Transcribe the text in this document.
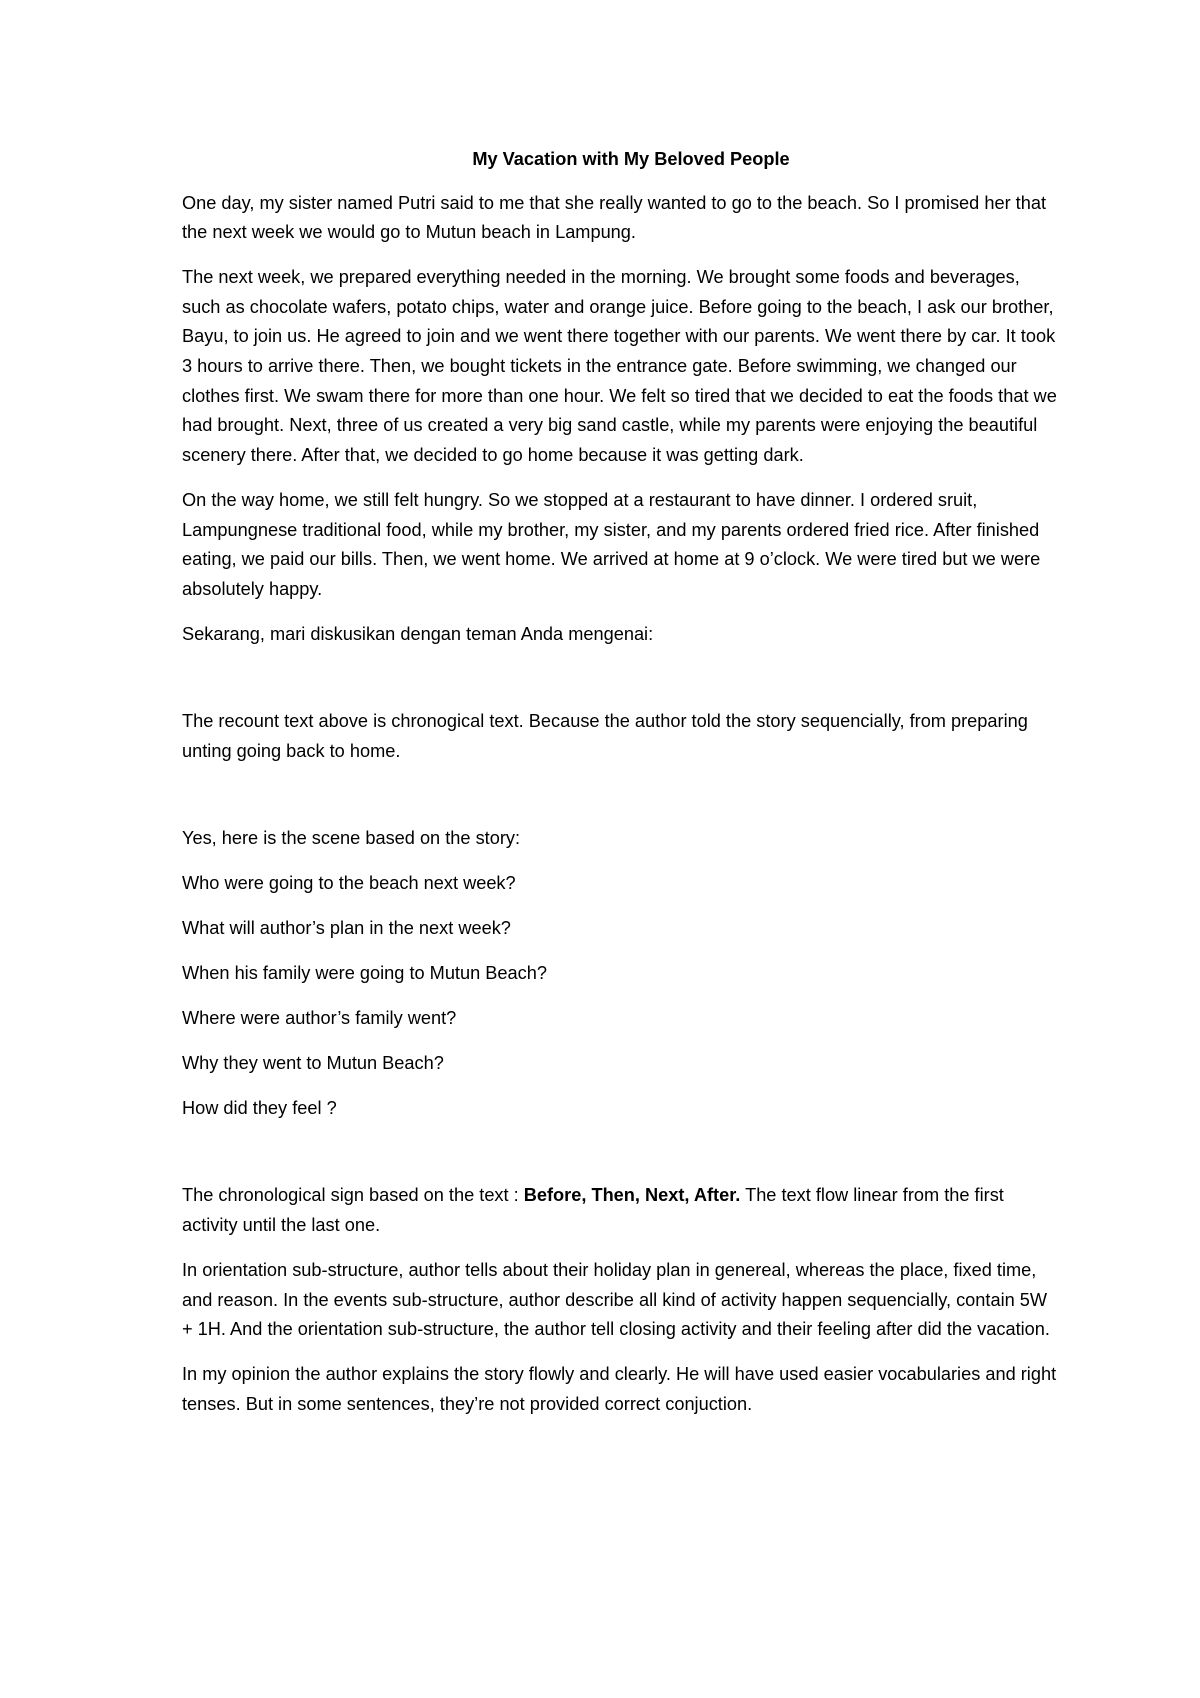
My Vacation with My Beloved People

One day, my sister named Putri said to me that she really wanted to go to the beach. So I promised her that the next week we would go to Mutun beach in Lampung.

The next week, we prepared everything needed in the morning. We brought some foods and beverages, such as chocolate wafers, potato chips, water and orange juice. Before going to the beach, I ask our brother, Bayu, to join us. He agreed to join and we went there together with our parents. We went there by car. It took 3 hours to arrive there. Then, we bought tickets in the entrance gate. Before swimming, we changed our clothes first. We swam there for more than one hour. We felt so tired that we decided to eat the foods that we had brought. Next, three of us created a very big sand castle, while my parents were enjoying the beautiful scenery there. After that, we decided to go home because it was getting dark.

On the way home, we still felt hungry. So we stopped at a restaurant to have dinner. I ordered sruit, Lampungnese traditional food, while my brother, my sister, and my parents ordered fried rice. After finished eating, we paid our bills. Then, we went home. We arrived at home at 9 o’clock. We were tired but we were absolutely happy.

Sekarang, mari diskusikan dengan teman Anda mengenai:

The recount text above is chronogical text. Because the author told the story sequencially, from preparing unting going back to home.

Yes, here is the scene based on the story:

Who were going to the beach next week?

What will author’s plan in the next week?

When his family were going to Mutun Beach?

Where were author’s family went?

Why they went to Mutun Beach?

How did they feel ?

The chronological sign based on the text : Before, Then, Next, After. The text flow linear from the first activity until the last one.

In orientation sub-structure, author tells about their holiday plan in genereal, whereas the place, fixed time, and reason. In the events sub-structure, author describe all kind of activity happen sequencially, contain 5W + 1H. And the orientation sub-structure, the author tell closing activity and their feeling after did the vacation.

In my opinion the author explains the story flowly and clearly. He will have used easier vocabularies and right tenses. But in some sentences, they’re not provided correct conjuction.
